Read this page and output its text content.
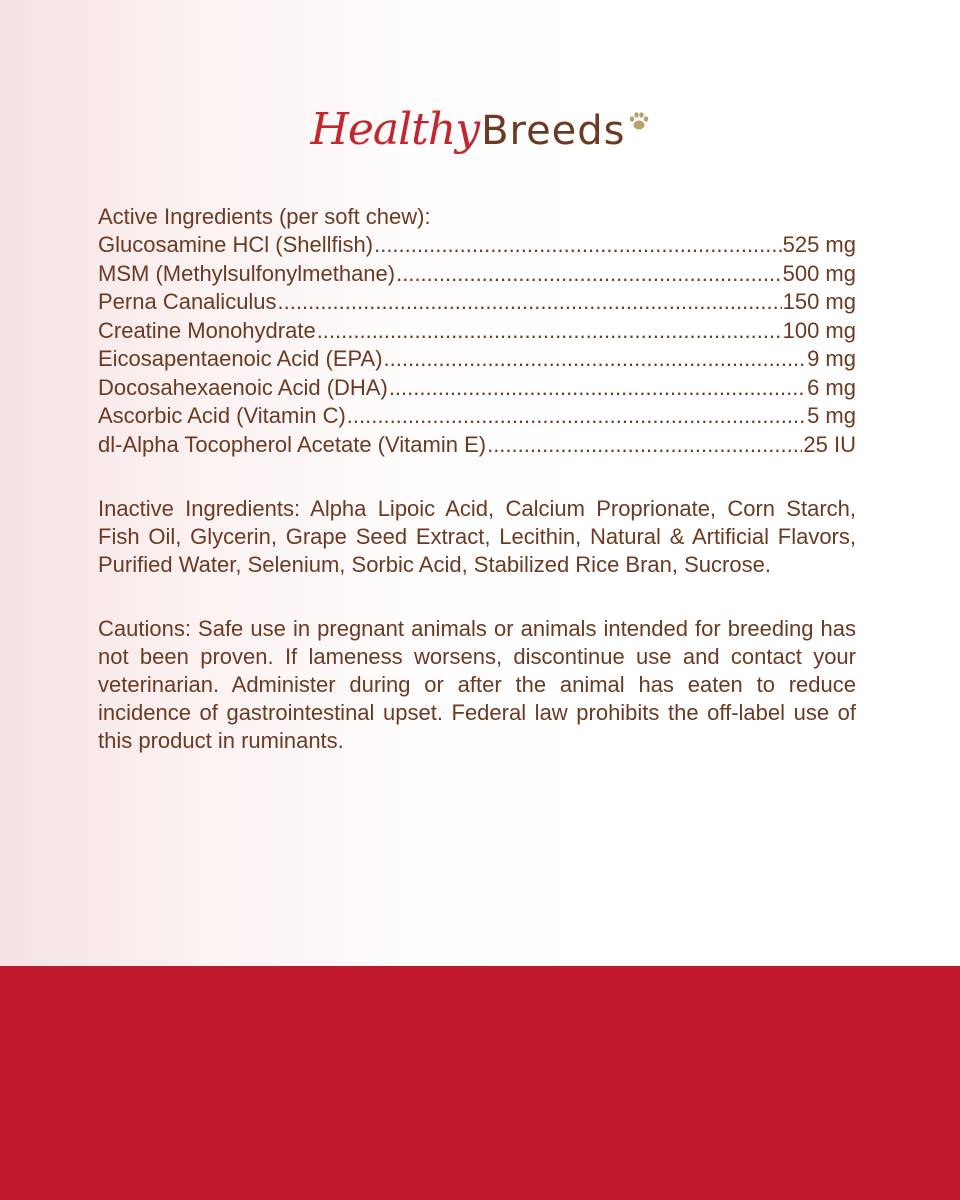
HealthyBreeds
Active Ingredients (per soft chew):
Glucosamine HCl (Shellfish) .....	525 mg
MSM (Methylsulfonylmethane) .....	500 mg
Perna Canaliculus .....	150 mg
Creatine Monohydrate .....	100 mg
Eicosapentaenoic Acid (EPA) .....	9 mg
Docosahexaenoic Acid (DHA) .....	6 mg
Ascorbic Acid (Vitamin C) .....	5 mg
dl-Alpha Tocopherol Acetate (Vitamin E) .....	25 IU

Inactive Ingredients: Alpha Lipoic Acid, Calcium Proprionate, Corn Starch, Fish Oil, Glycerin, Grape Seed Extract, Lecithin, Natural & Artificial Flavors, Purified Water, Selenium, Sorbic Acid, Stabilized Rice Bran, Sucrose.

Cautions: Safe use in pregnant animals or animals intended for breeding has not been proven. If lameness worsens, discontinue use and contact your veterinarian. Administer during or after the animal has eaten to reduce incidence of gastrointestinal upset. Federal law prohibits the off-label use of this product in ruminants.
